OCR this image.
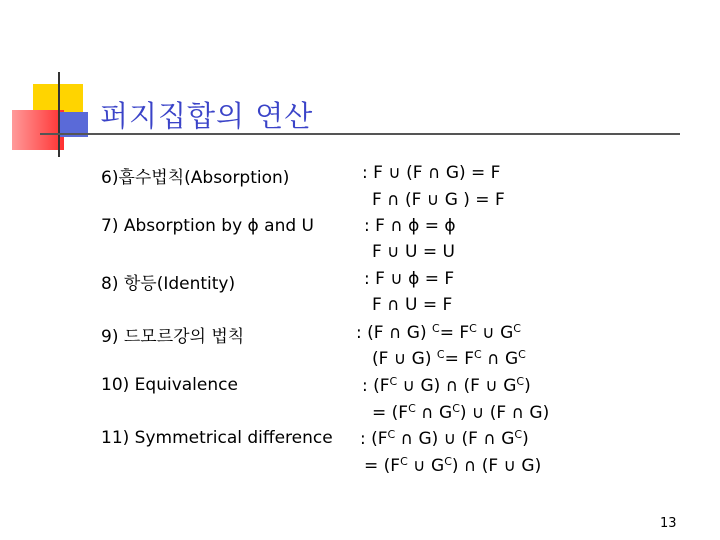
퍼지집합의 연산
6)흡수법칙(Absorption)
7) Absorption by ϕ and U
8) 항등(Identity)
9) 드모르강의 법칙
10) Equivalence
11) Symmetrical difference
: F ∪ (F ∩ G) = F
F ∩ (F ∪ G ) = F
: F ∩ ϕ = ϕ
F ∪ U = U
: F ∪ ϕ = F
F ∩ U = F
: (F ∩ G) $^C= F^C$ ∪ $G^C$
(F ∪ G) $^C= F^C$ ∩ $G^C$
: ($F^C$ ∪ G) ∩ (F ∪ $G^C$)
= ($F^C$ ∩ $G^C$) ∪ (F ∩ G)
: ($F^C$ ∩ G) ∪ (F ∩ $G^C$)
= ($F^C$ ∪ $G^C$) ∩ (F ∪ G)
13
